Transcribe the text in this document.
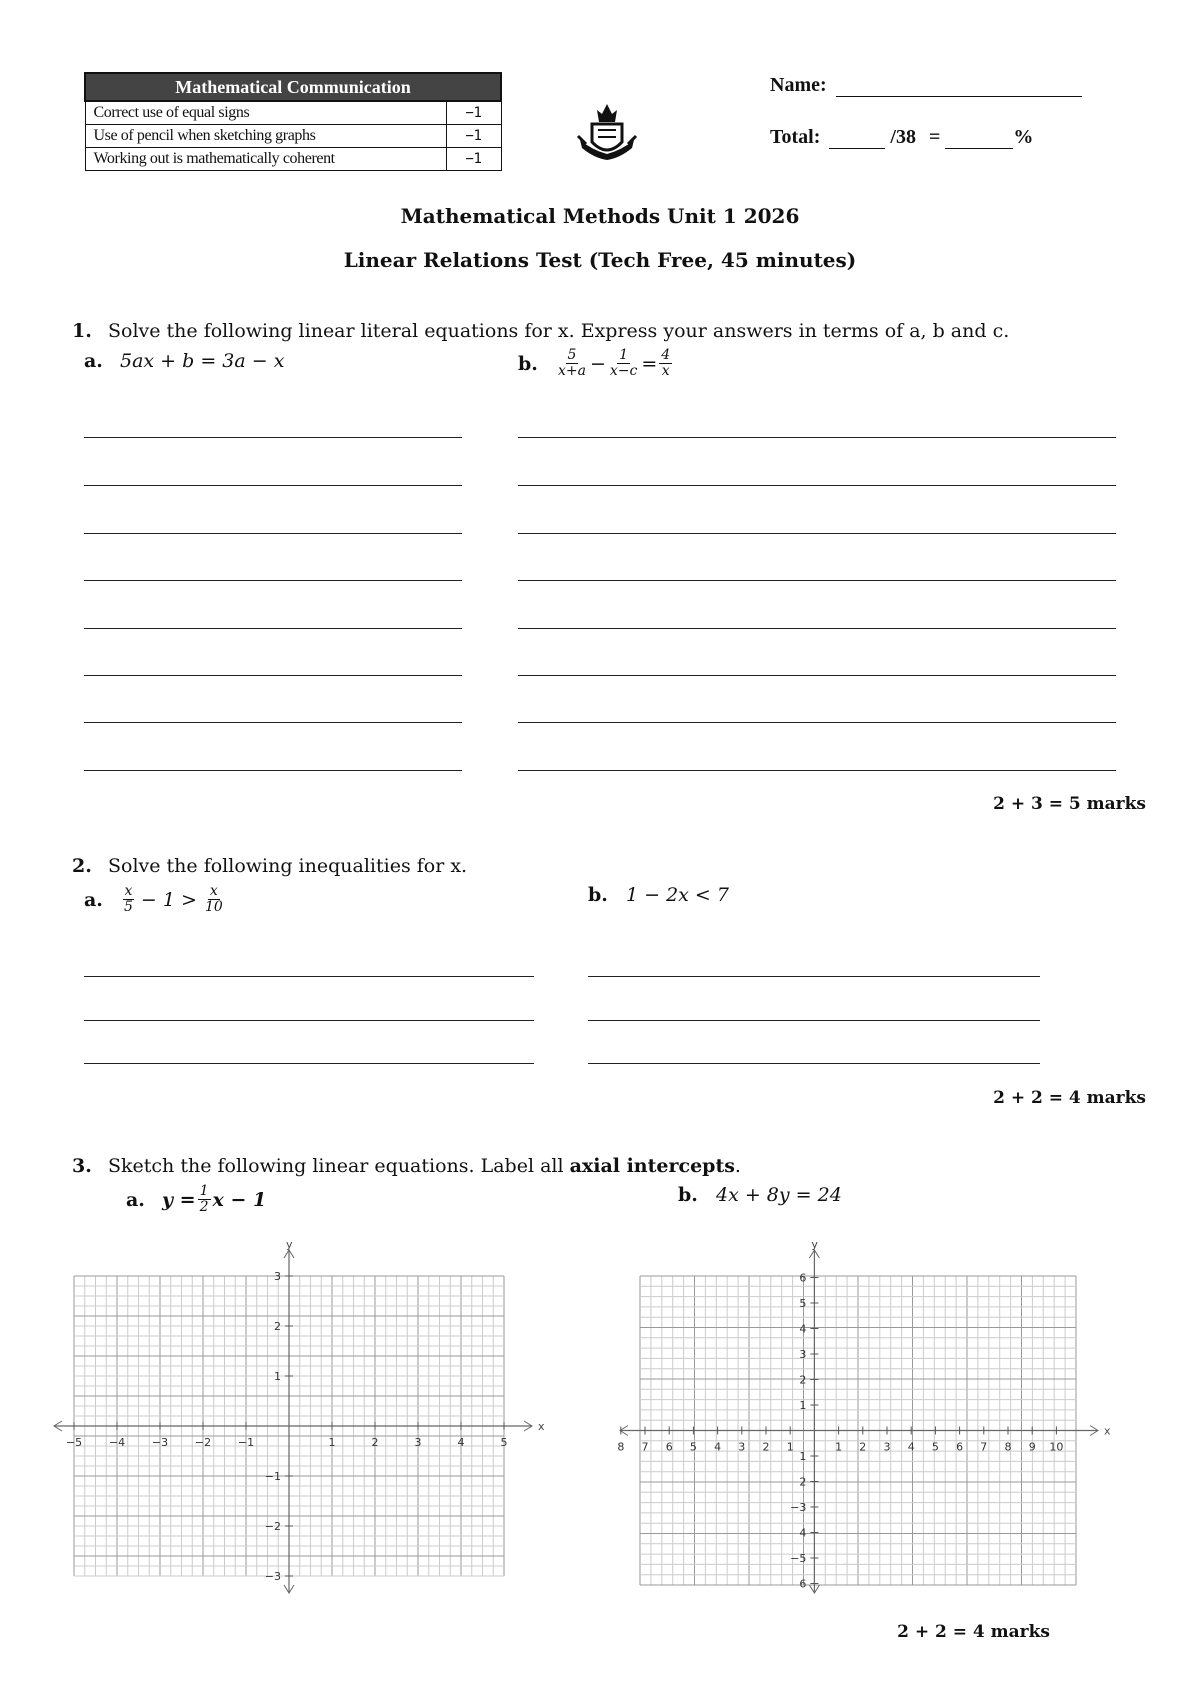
Mathematical Communication	
Correct use of equal signs	−1
Use of pencil when sketching graphs	−1
Working out is mathematically coherent	−1
Name:
Total:	/38 =	%
Mathematical Methods Unit 1 2026
Linear Relations Test (Tech Free, 45 minutes)
1. Solve the following linear literal equations for x. Express your answers in terms of a, b and c.
a. 5ax + b = 3a − x	b.	$\frac{5}{x+a} - \frac{1}{x-c} = \frac{4}{x}$
2 + 3 = 5 marks
2. Solve the following inequalities for x.
a.	$\frac{x}{5} - 1 > \frac{x}{10}$	b. 1 − 2x < 7
2 + 2 = 4 marks
3. Sketch the following linear equations. Label all axial intercepts.
a. $y = \frac{1}{2}$ x − 1	b. 4x + 8y = 24
x
y
−5 −4 −3 −2 −1	1	2	3	4	5
1
2
3
−1
−2
−3
x
y
8 7 6 5 4 3 2 1	1 2 3 4 5 6 7 8 9 10
1
2
3
4
5
6
1
2
−3
4
−5
6
2 + 2 = 4 marks
